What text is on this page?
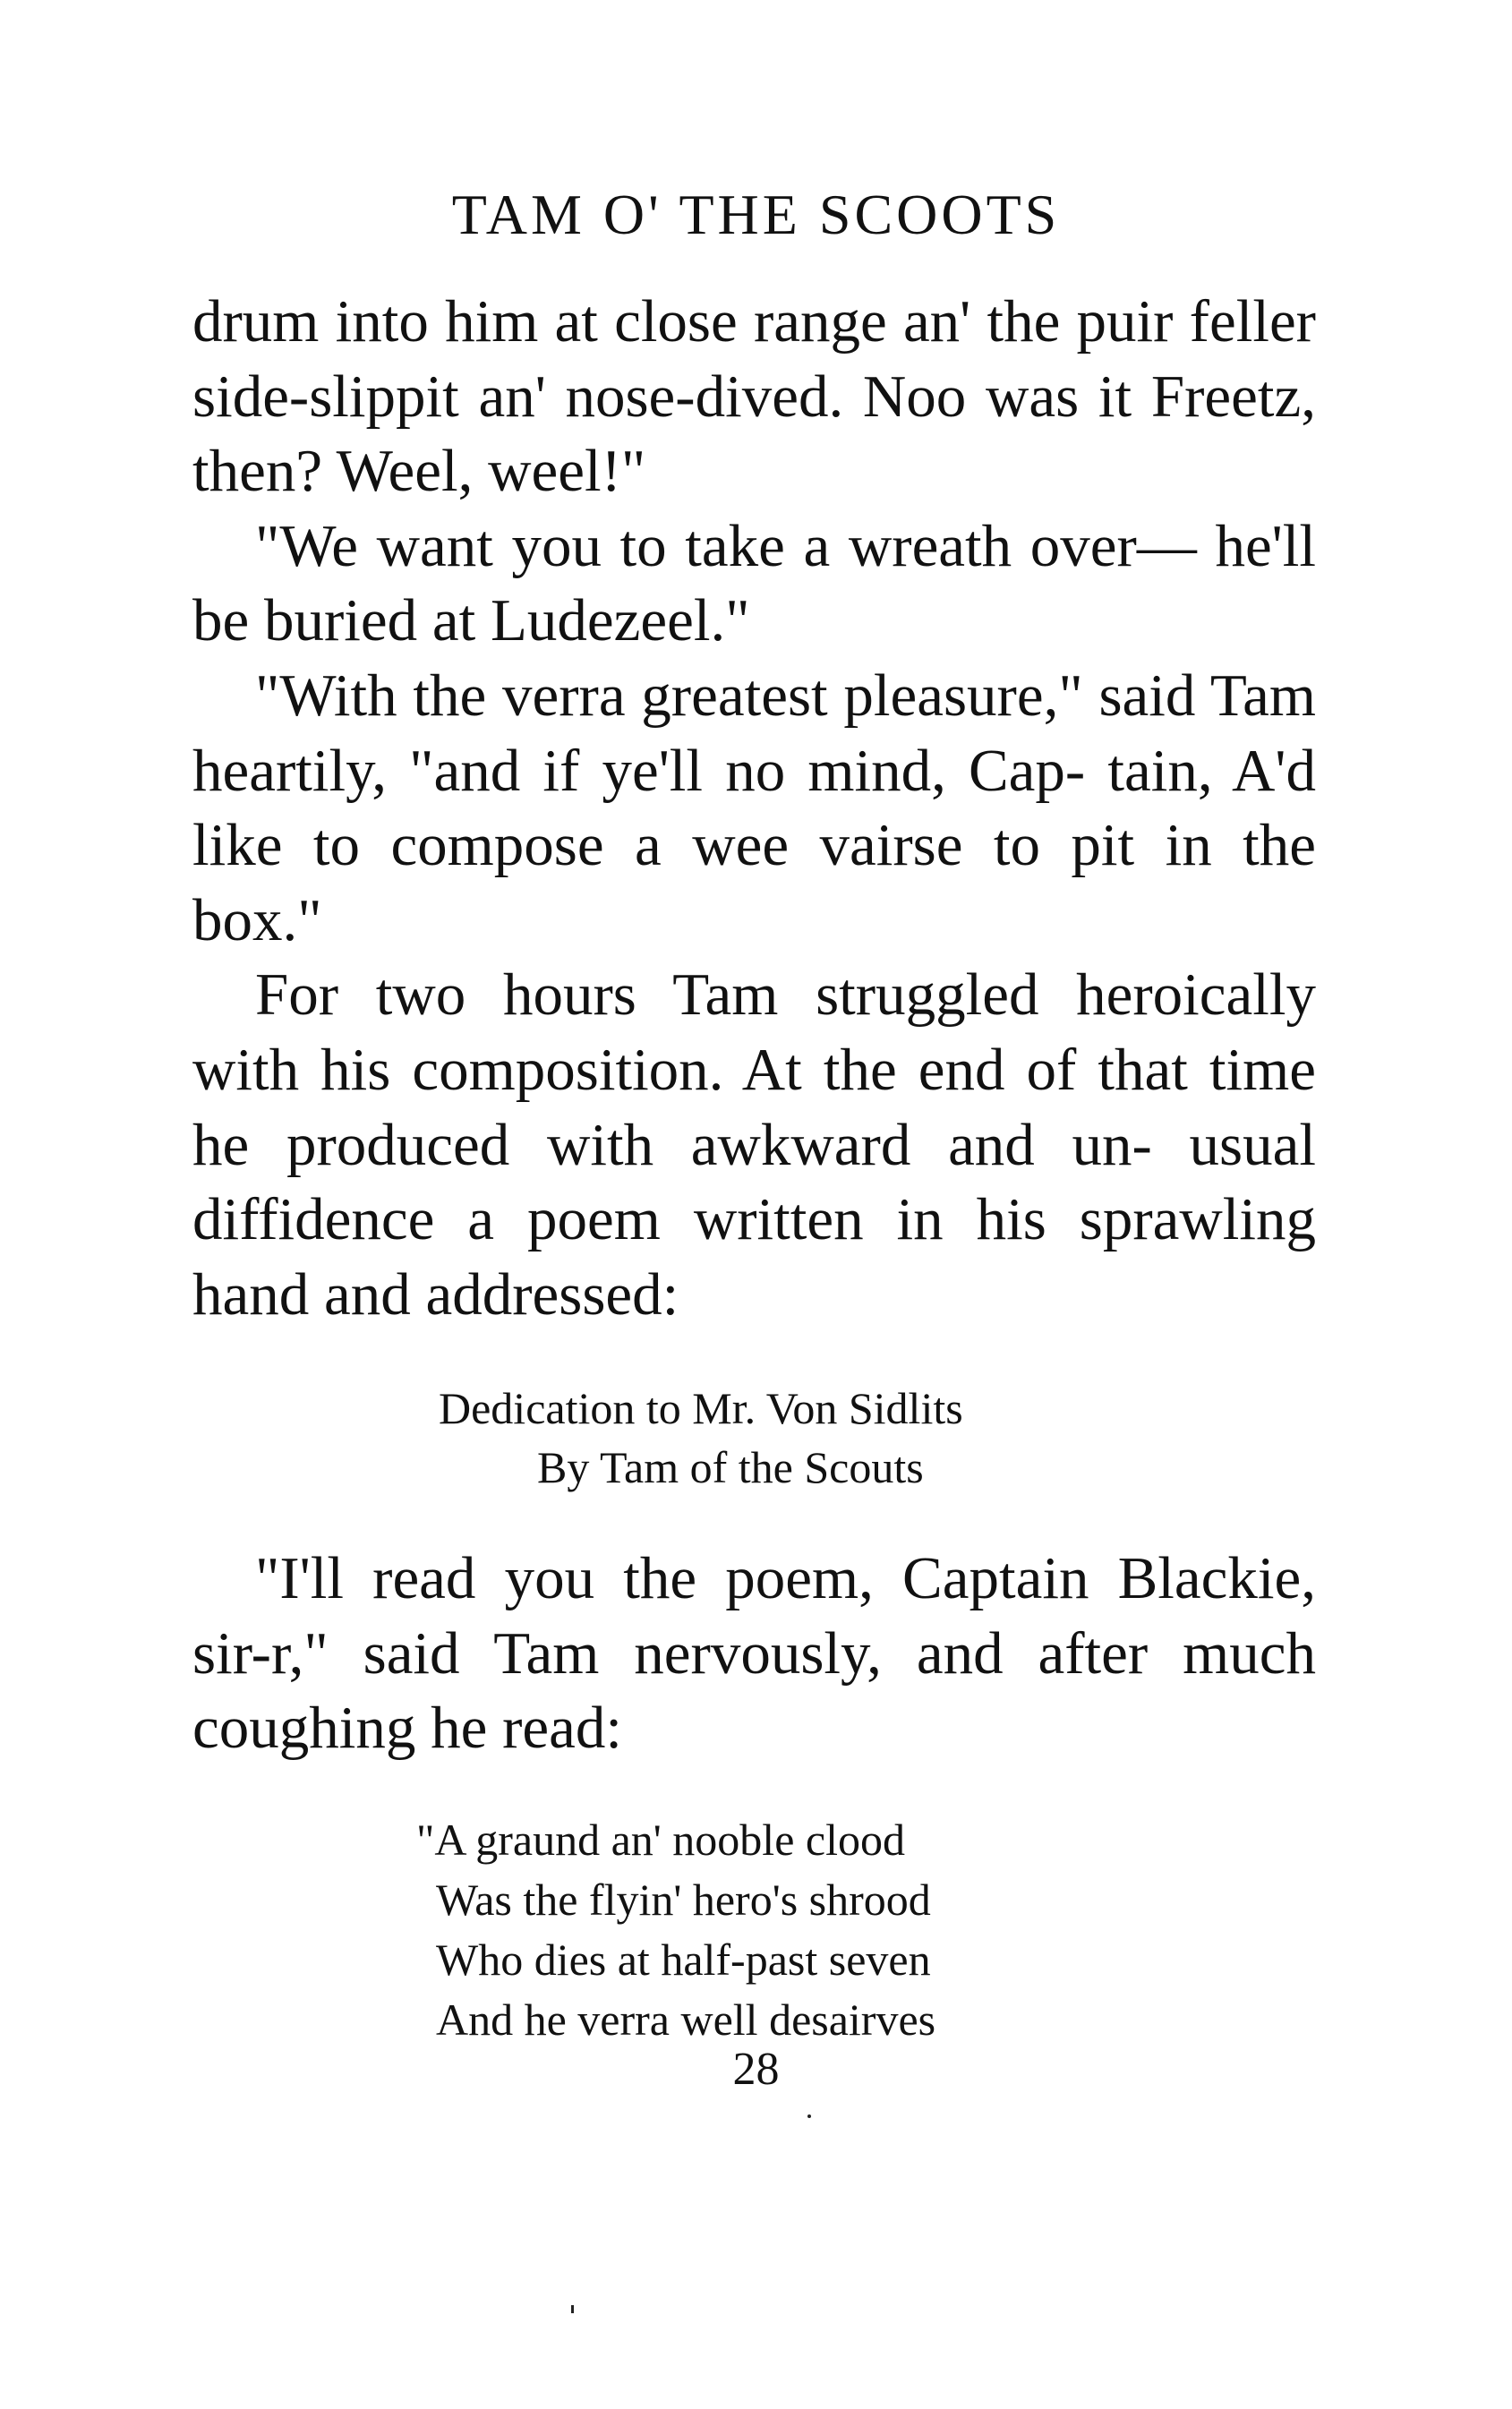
TAM O' THE SCOOTS

drum into him at close range an' the puir feller side-slippit an' nose-dived. Noo was it Freetz, then? Weel, weel!"

"We want you to take a wreath over— he'll be buried at Ludezeel."

"With the verra greatest pleasure," said Tam heartily, "and if ye'll no mind, Cap- tain, A'd like to compose a wee vairse to pit in the box."

For two hours Tam struggled heroically with his composition. At the end of that time he produced with awkward and un- usual diffidence a poem written in his sprawling hand and addressed:

Dedication to Mr. Von Sidlits
By Tam of the Scouts

"I'll read you the poem, Captain Blackie, sir-r," said Tam nervously, and after much coughing he read:

"A graund an' nooble clood
Was the flyin' hero's shrood
Who dies at half-past seven
And he verra well desairves
28
